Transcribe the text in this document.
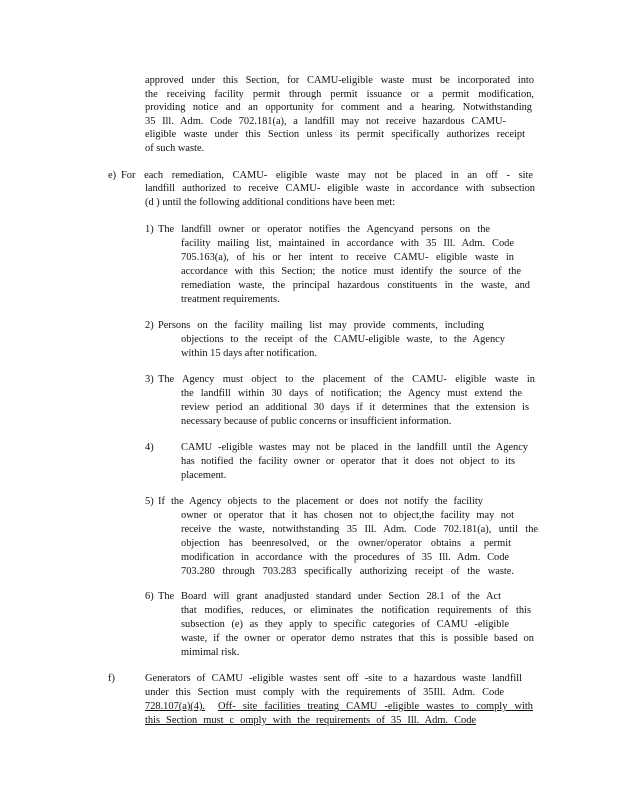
approved under this Section, for CAMU-eligible waste must be incorporated into
the receiving facility permit through permit issuance or a permit modification,
providing notice and an opportunity for comment and a hearing. Notwithstanding
35 Ill. Adm. Code 702.181(a), a landfill may not receive hazardous CAMU-
eligible waste under this Section unless its permit specifically authorizes receipt
of such waste.
e) For each remediation, CAMU- eligible waste may not be placed in an off - site
landfill authorized to receive CAMU- eligible waste in accordance with subsection
(d ) until the following additional conditions have been met:
1) The landfill owner or operator notifies the Agencyand persons on the
facility mailing list, maintained in accordance with 35 Ill. Adm. Code
705.163(a), of his or her intent to receive CAMU- eligible waste in
accordance with this Section; the notice must identify the source of the
remediation waste, the principal hazardous constituents in the waste, and
treatment requirements.
2) Persons on the facility mailing list may provide comments, including
objections to the receipt of the CAMU-eligible waste, to the Agency
within 15 days after notification.
3) The Agency must object to the placement of the CAMU- eligible waste in
the landfill within 30 days of notification; the Agency must extend the
review period an additional 30 days if it determines that the extension is
necessary because of public concerns or insufficient information.
4)	CAMU -eligible wastes may not be placed in the landfill until the Agency
has notified the facility owner or operator that it does not object to its
placement.
5) If the Agency objects to the placement or does not notify the facility
owner or operator that it has chosen not to object,the facility may not
receive the waste, notwithstanding 35 Ill. Adm. Code 702.181(a), until the
objection has beenresolved, or the owner/operator obtains a permit
modification in accordance with the procedures of 35 Ill. Adm. Code
703.280 through 703.283 specifically authorizing receipt of the waste.
6) The Board will grant anadjusted standard under Section 28.1 of the Act
that modifies, reduces, or eliminates the notification requirements of this
subsection (e) as they apply to specific categories of CAMU -eligible
waste, if the owner or operator demo nstrates that this is possible based on
mimimal risk.
f)	Generators of CAMU -eligible wastes sent off -site to a hazardous waste landfill
under this Section must comply with the requirements of 35Ill. Adm. Code
728.107(a)(4). Off- site facilities treating CAMU -eligible wastes to comply with
this Section must c omply with the requirements of 35 Ill. Adm. Code
